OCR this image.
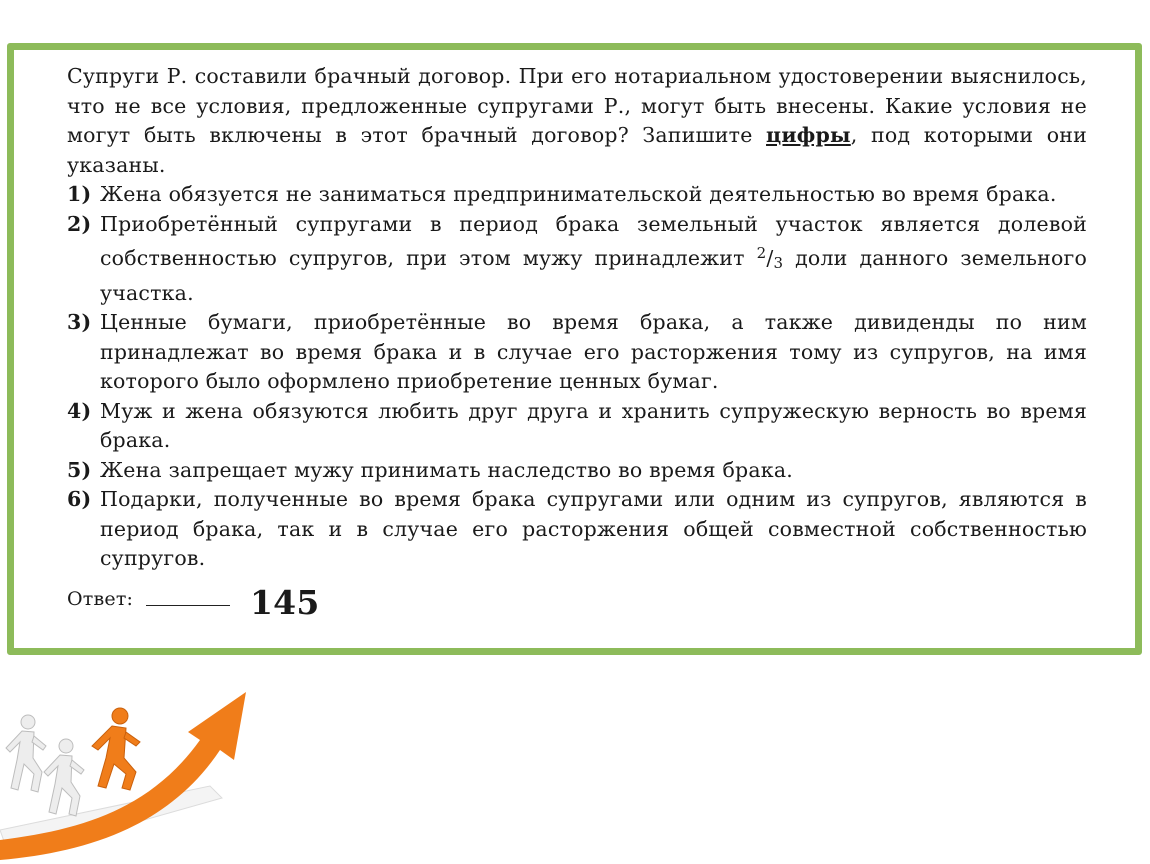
Супруги Р. составили брачный договор. При его нотариальном удостоверении выяснилось, что не все условия, предложенные супругами Р., могут быть внесены. Какие условия не могут быть включены в этот брачный договор? Запишите цифры, под которыми они указаны.

1) Жена обязуется не заниматься предпринимательской деятельностью во время брака.
2) Приобретённый супругами в период брака земельный участок является долевой собственностью супругов, при этом мужу принадлежит $^2$/3 доли данного земельного участка.
3) Ценные бумаги, приобретённые во время брака, а также дивиденды по ним принадлежат во время брака и в случае его расторжения тому из супругов, на имя которого было оформлено приобретение ценных бумаг.
4) Муж и жена обязуются любить друг друга и хранить супружескую верность во время брака.
5) Жена запрещает мужу принимать наследство во время брака.
6) Подарки, полученные во время брака супругами или одним из супругов, являются в период брака, так и в случае его расторжения общей совместной собственностью супругов.
Ответ:	145
